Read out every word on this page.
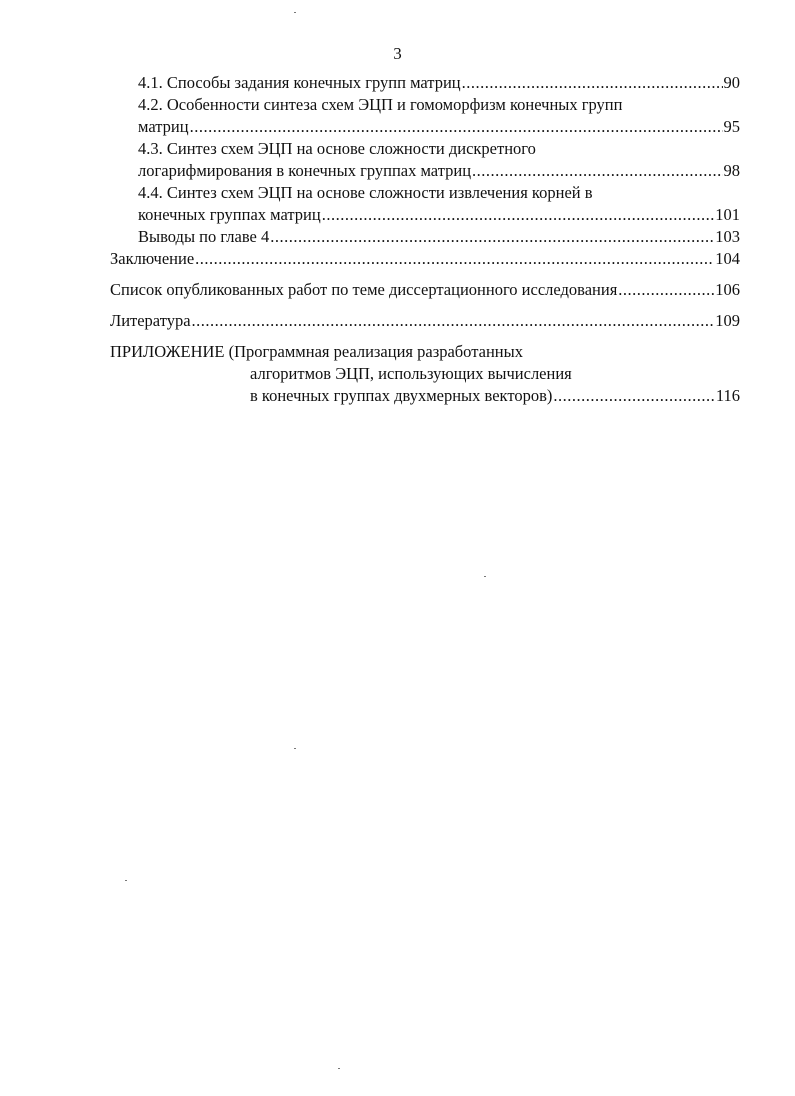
3
4.1. Способы задания конечных групп матриц .....	90
4.2. Особенности синтеза схем ЭЦП и гомоморфизм конечных групп
матриц .....	95
4.3. Синтез схем ЭЦП на основе сложности дискретного
логарифмирования в конечных группах матриц .....	98
4.4. Синтез схем ЭЦП на основе сложности извлечения корней в
конечных группах матриц .....	101
Выводы по главе 4 .....	103
Заключение .....	104
Список опубликованных работ по теме диссертационного исследования .....	106
Литература .....	109
ПРИЛОЖЕНИЕ (Программная реализация разработанных
алгоритмов ЭЦП, использующих вычисления
в конечных группах двухмерных векторов) .....	116
